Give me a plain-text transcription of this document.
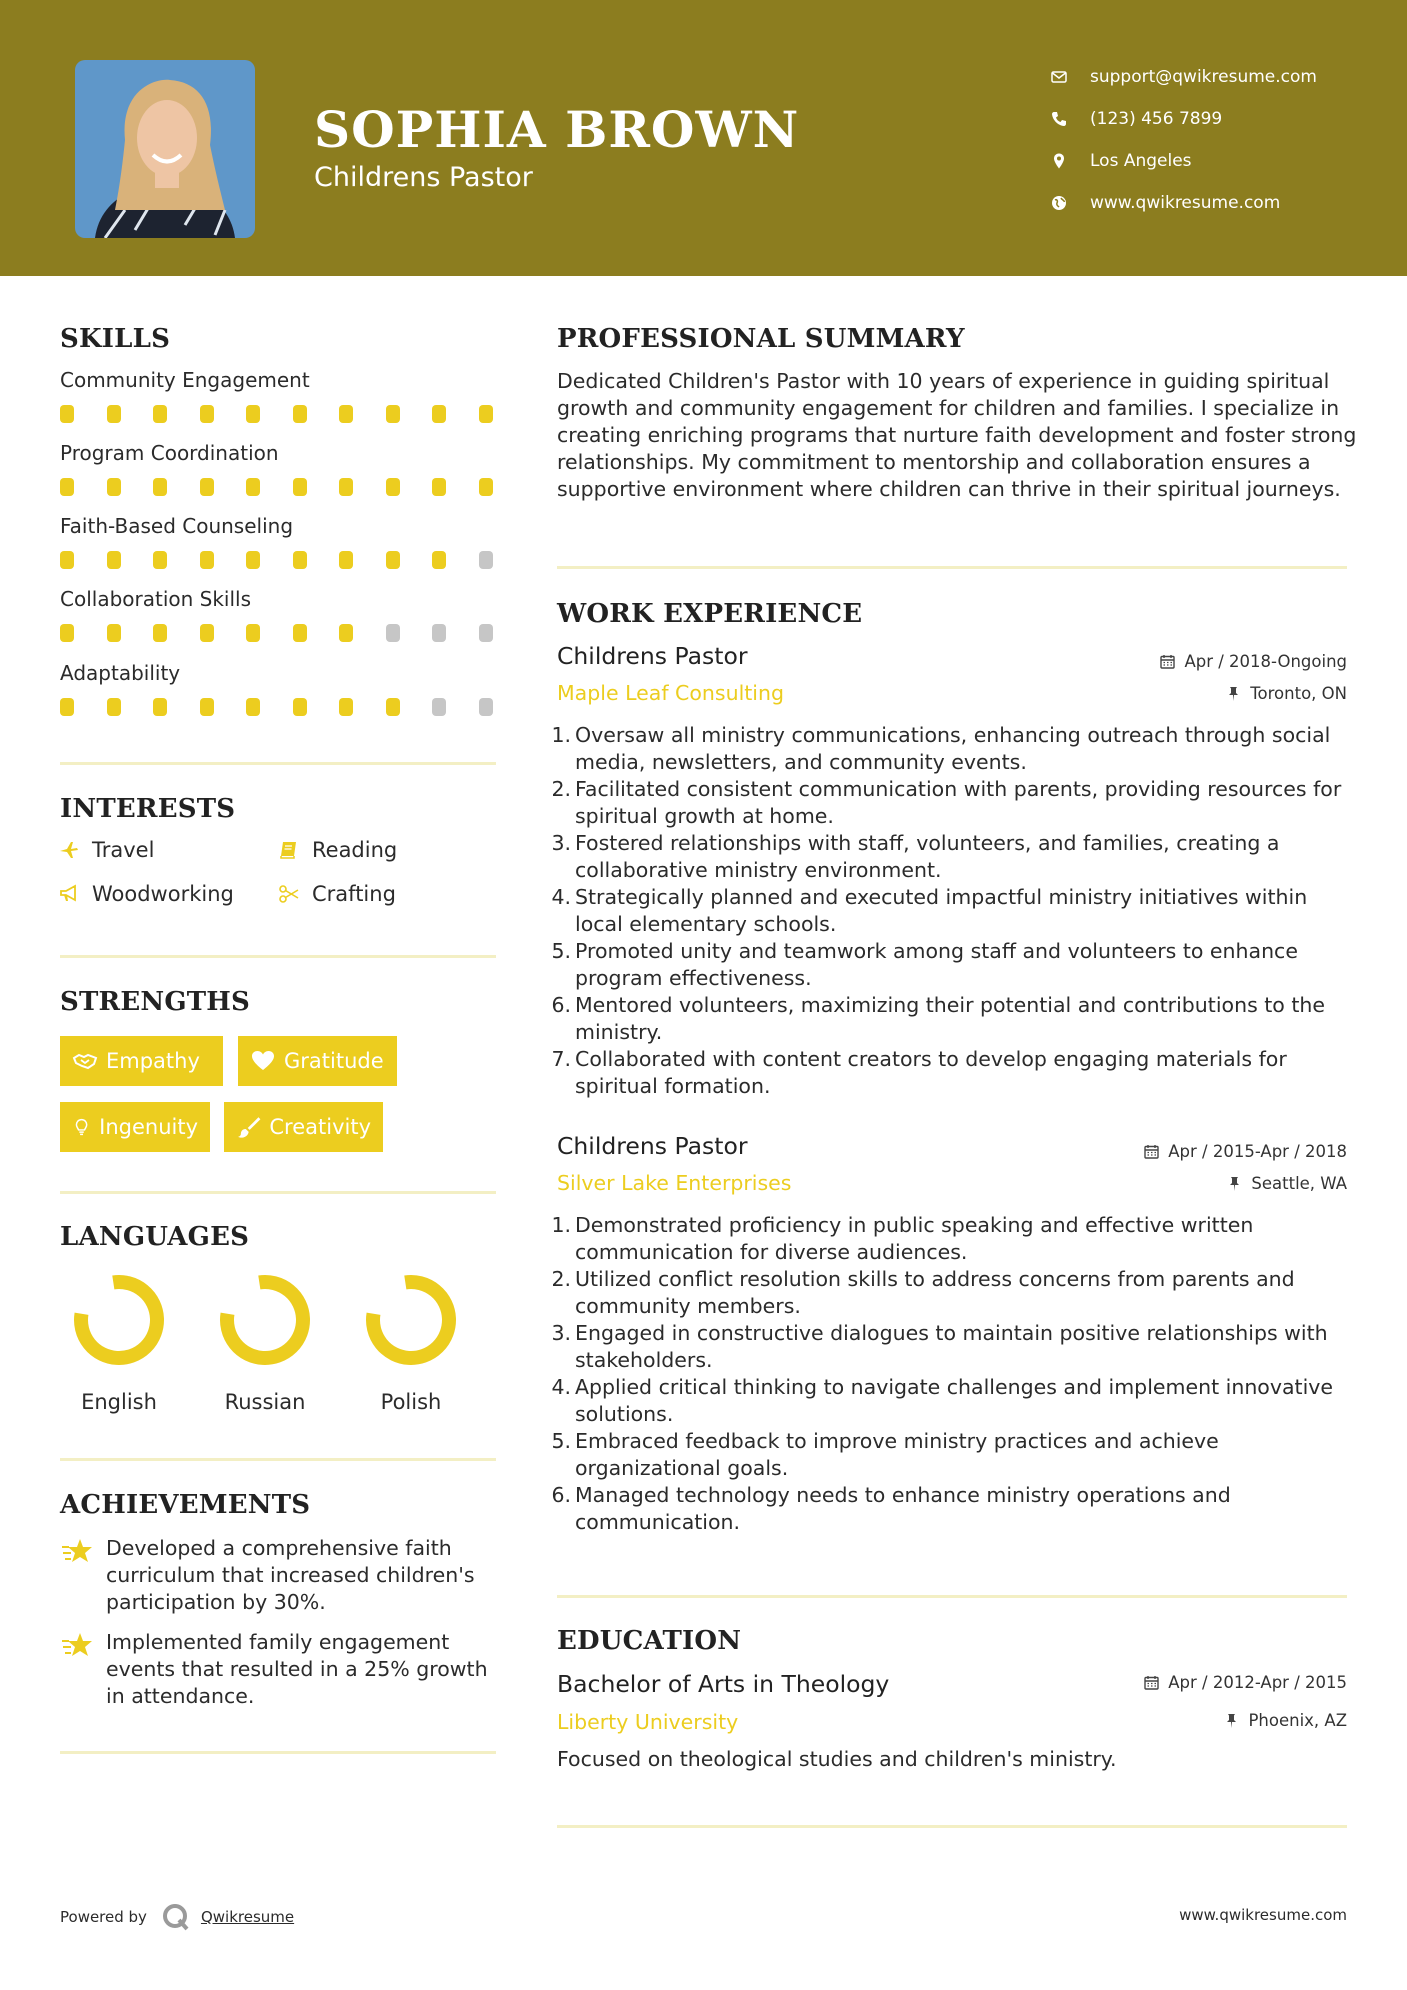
SOPHIA BROWN
Childrens Pastor
support@qwikresume.com
(123) 456 7899
Los Angeles
www.qwikresume.com
SKILLS
Community Engagement
Program Coordination
Faith-Based Counseling
Collaboration Skills
Adaptability
INTERESTS
Travel	Reading
Woodworking	Crafting
STRENGTHS
Empathy	Gratitude
Ingenuity	Creativity
LANGUAGES
English	Russian	Polish
ACHIEVEMENTS
Developed a comprehensive faith curriculum that increased children's participation by 30%.
Implemented family engagement events that resulted in a 25% growth in attendance.
PROFESSIONAL SUMMARY
Dedicated Children's Pastor with 10 years of experience in guiding spiritual growth and community engagement for children and families. I specialize in creating enriching programs that nurture faith development and foster strong relationships. My commitment to mentorship and collaboration ensures a supportive environment where children can thrive in their spiritual journeys.
WORK EXPERIENCE
Childrens Pastor	Apr / 2018-Ongoing
Maple Leaf Consulting	Toronto, ON
1. Oversaw all ministry communications, enhancing outreach through social media, newsletters, and community events.
2. Facilitated consistent communication with parents, providing resources for spiritual growth at home.
3. Fostered relationships with staff, volunteers, and families, creating a collaborative ministry environment.
4. Strategically planned and executed impactful ministry initiatives within local elementary schools.
5. Promoted unity and teamwork among staff and volunteers to enhance program effectiveness.
6. Mentored volunteers, maximizing their potential and contributions to the ministry.
7. Collaborated with content creators to develop engaging materials for spiritual formation.
Childrens Pastor	Apr / 2015-Apr / 2018
Silver Lake Enterprises	Seattle, WA
1. Demonstrated proficiency in public speaking and effective written communication for diverse audiences.
2. Utilized conflict resolution skills to address concerns from parents and community members.
3. Engaged in constructive dialogues to maintain positive relationships with stakeholders.
4. Applied critical thinking to navigate challenges and implement innovative solutions.
5. Embraced feedback to improve ministry practices and achieve organizational goals.
6. Managed technology needs to enhance ministry operations and communication.
EDUCATION
Bachelor of Arts in Theology	Apr / 2012-Apr / 2015
Liberty University	Phoenix, AZ
Focused on theological studies and children's ministry.
Powered by	Qwikresume	www.qwikresume.com
